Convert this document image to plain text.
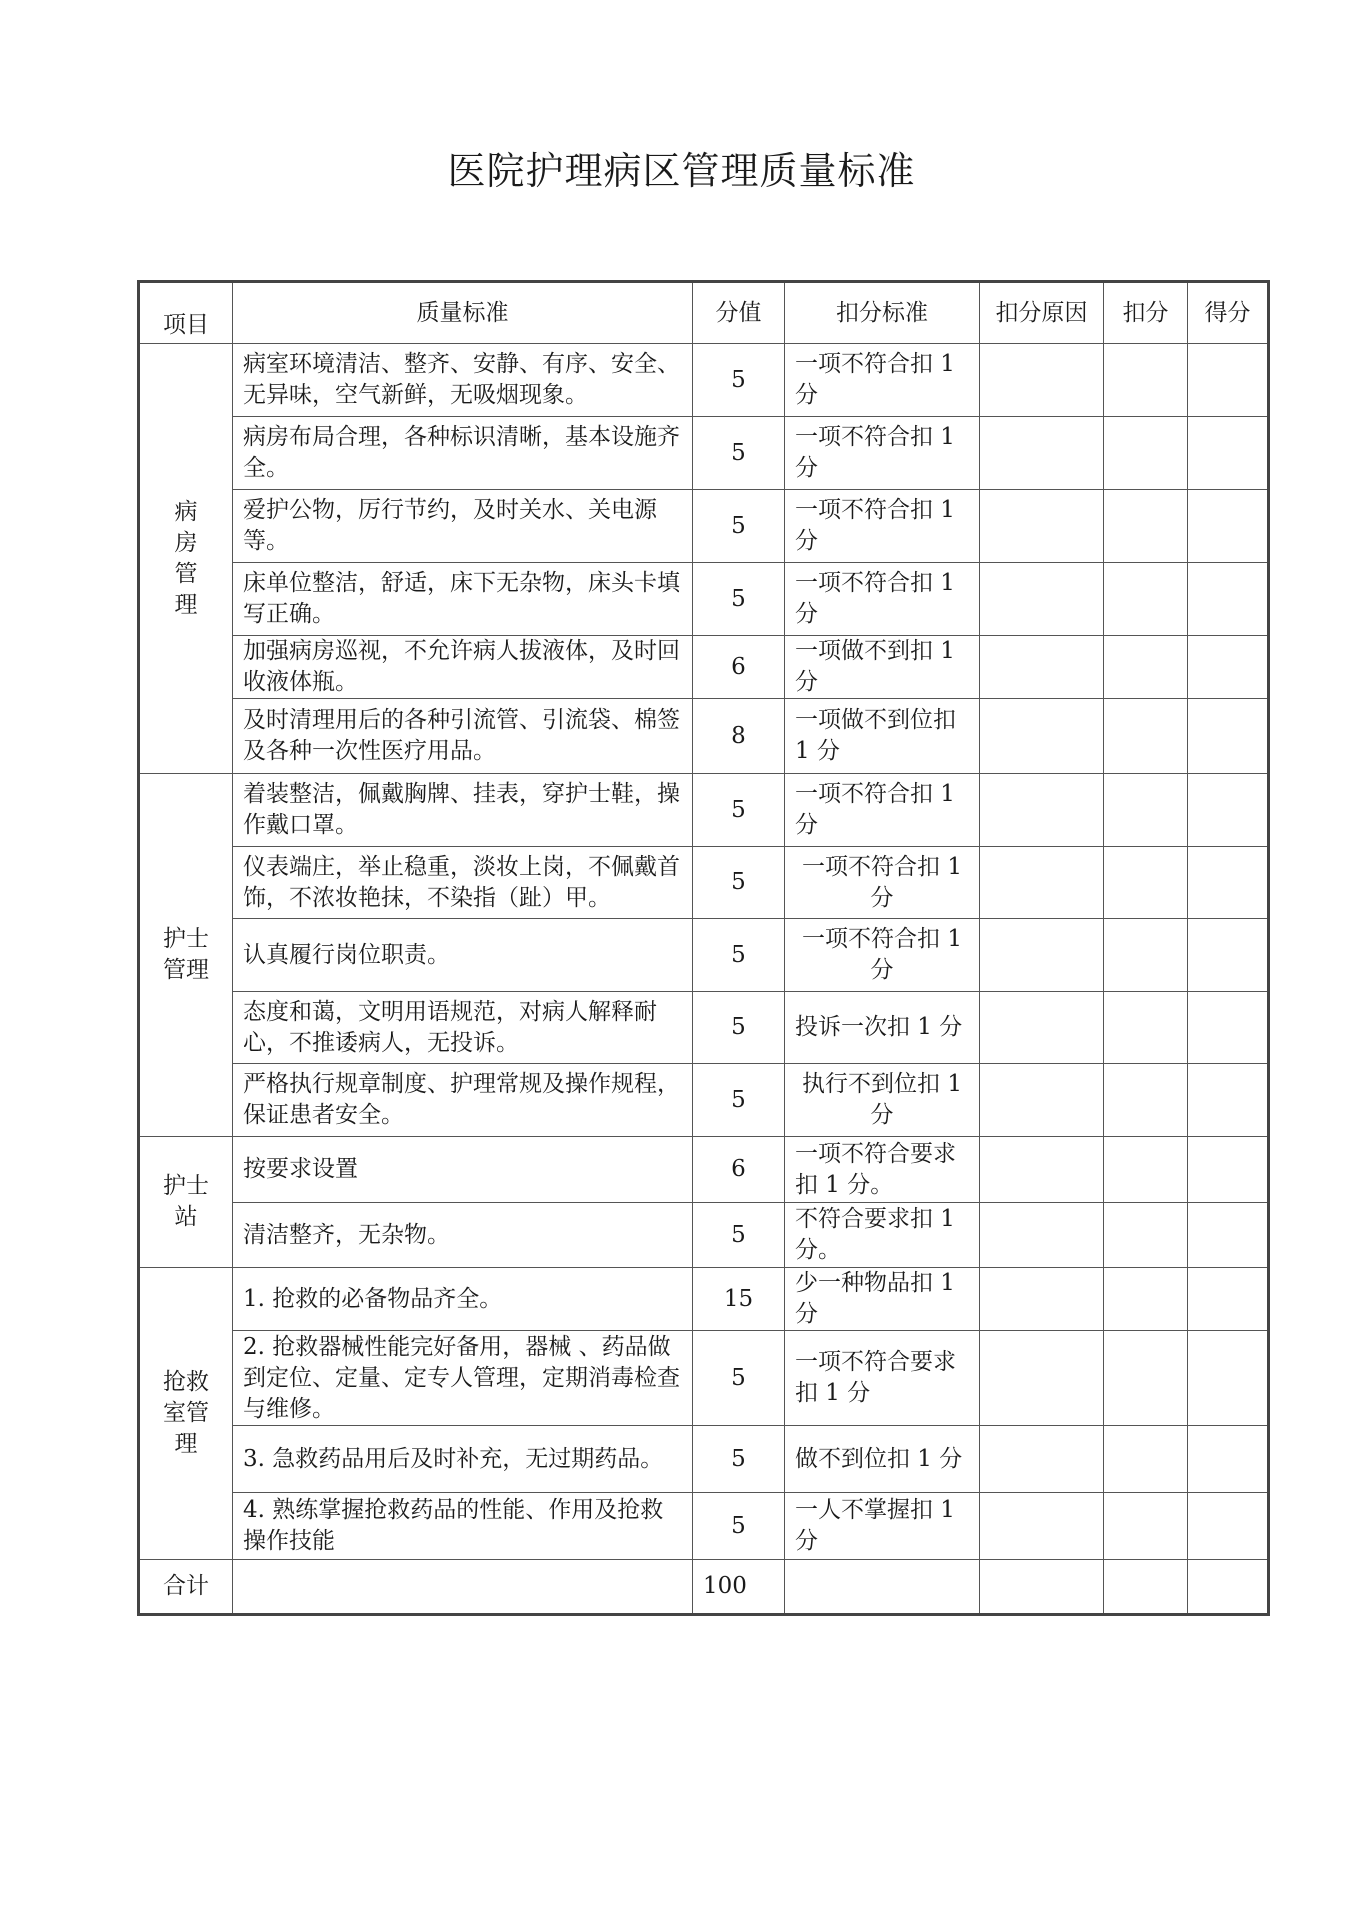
医院护理病区管理质量标准
项目	质量标准	分值	扣分标准	扣分原因	扣分	得分
病房管理	病室环境清洁、整齐、安静、有序、安全、无异味，空气新鲜，无吸烟现象。	5	一项不符合扣 1 分			
	病房布局合理，各种标识清晰，基本设施齐全。	5	一项不符合扣 1 分			
	爱护公物，厉行节约，及时关水、关电源等。	5	一项不符合扣 1 分			
	床单位整洁，舒适，床下无杂物，床头卡填写正确。	5	一项不符合扣 1 分			
	加强病房巡视，不允许病人拔液体，及时回收液体瓶。	6	一项做不到扣 1 分			
	及时清理用后的各种引流管、引流袋、棉签及各种一次性医疗用品。	8	一项做不到位扣 1 分			
护士管理	着装整洁，佩戴胸牌、挂表，穿护士鞋，操作戴口罩。	5	一项不符合扣 1 分			
	仪表端庄，举止稳重，淡妆上岗，不佩戴首饰，不浓妆艳抹，不染指（趾）甲。	5	一项不符合扣 1 分			
	认真履行岗位职责。	5	一项不符合扣 1 分			
	态度和蔼，文明用语规范，对病人解释耐心，不推诿病人，无投诉。	5	投诉一次扣 1 分			
	严格执行规章制度、护理常规及操作规程，保证患者安全。	5	执行不到位扣 1 分			
护士站	按要求设置	6	一项不符合要求扣 1 分。			
	清洁整齐，无杂物。	5	不符合要求扣 1 分。			
抢救室管理	1. 抢救的必备物品齐全。	15	少一种物品扣 1 分			
	2. 抢救器械性能完好备用，器械 、药品做到定位、定量、定专人管理，定期消毒检查与维修。	5	一项不符合要求扣 1 分			
	3. 急救药品用后及时补充，无过期药品。	5	做不到位扣 1 分			
	4. 熟练掌握抢救药品的性能、作用及抢救操作技能	5	一人不掌握扣 1 分			
合计		100				
